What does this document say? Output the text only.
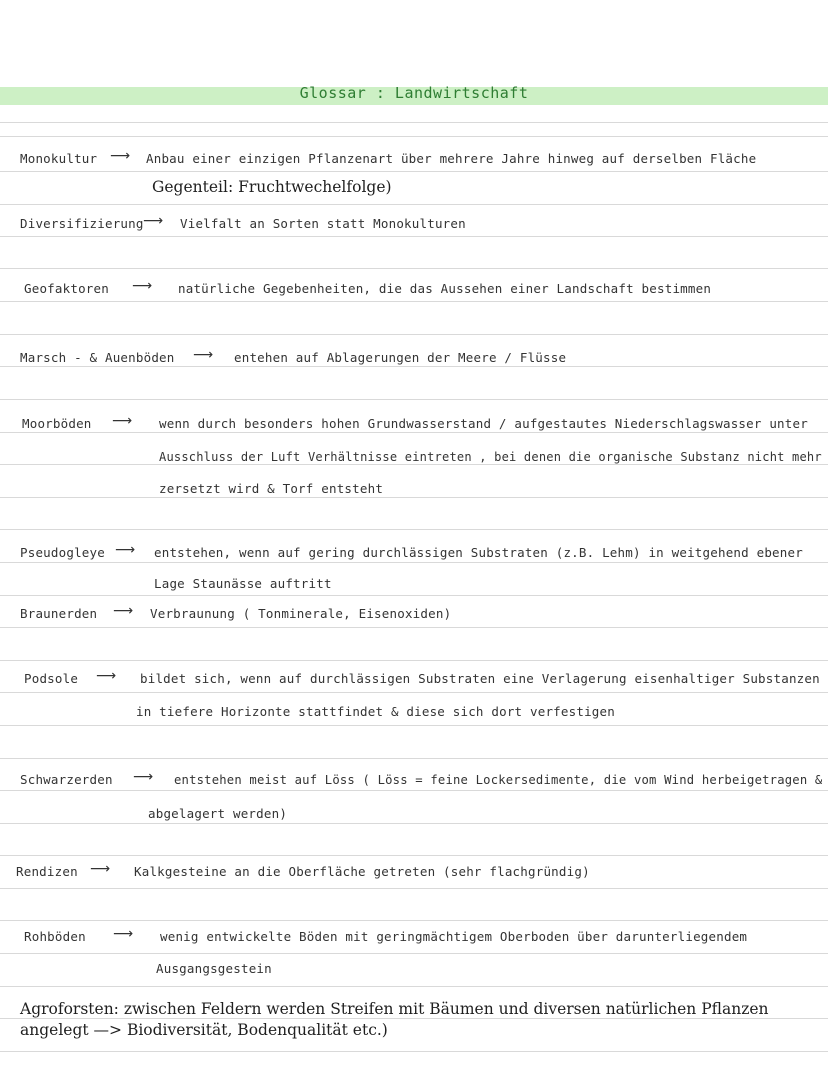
Glossar : Landwirtschaft
Monokultur ⟶ Anbau einer einzigen Pflanzenart über mehrere Jahre hinweg auf derselben Fläche
Gegenteil: Fruchtwechelfolge)
Diversifizierung ⟶ Vielfalt an Sorten statt Monokulturen
Geofaktoren ⟶ natürliche Gegebenheiten, die das Aussehen einer Landschaft bestimmen
Marsch - & Auenböden ⟶ entehen auf Ablagerungen der Meere / Flüsse
Moorböden ⟶ wenn durch besonders hohen Grundwasserstand / aufgestautes Niederschlagswasser unter
Ausschluss der Luft Verhältnisse eintreten , bei denen die organische Substanz nicht mehr
zersetzt wird & Torf entsteht
Pseudogleye ⟶ entstehen, wenn auf gering durchlässigen Substraten (z.B. Lehm) in weitgehend ebener
Lage Staunässe auftritt
Braunerden ⟶ Verbraunung ( Tonminerale, Eisenoxiden)
Podsole ⟶ bildet sich, wenn auf durchlässigen Substraten eine Verlagerung eisenhaltiger Substanzen
in tiefere Horizonte stattfindet & diese sich dort verfestigen
Schwarzerden ⟶ entstehen meist auf Löss ( Löss = feine Lockersedimente, die vom Wind herbeigetragen &
abgelagert werden)
Rendizen ⟶ Kalkgesteine an die Oberfläche getreten (sehr flachgründig)
Rohböden ⟶ wenig entwickelte Böden mit geringmächtigem Oberboden über darunterliegendem
Ausgangsgestein
Agroforsten: zwischen Feldern werden Streifen mit Bäumen und diversen natürlichen Pflanzen
angelegt —> Biodiversität, Bodenqualität etc.)
